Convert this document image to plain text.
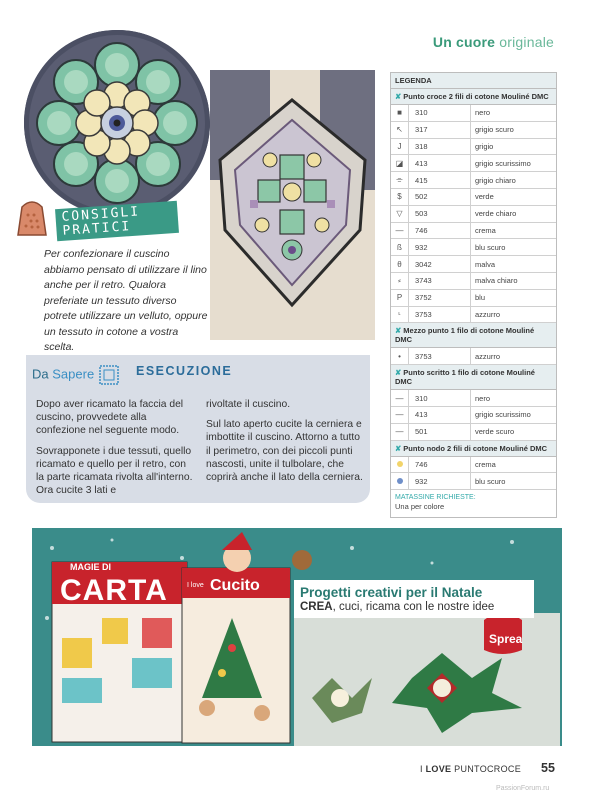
Un cuore originale
CONSIGLI PRATICI
Per confezionare il cuscino abbiamo pensato di utilizzare il lino anche per il retro. Qualora preferiate un tessuto diverso potrete utilizzare un velluto, oppure un tessuto in cotone a vostra scelta.
LEGENDA
✘ Punto croce 2 fili di cotone Mouliné DMC
■	310	nero
↖	317	grigio scuro
J	318	grigio
◪	413	grigio scurissimo
⌯	415	grigio chiaro
$	502	verde
▽	503	verde chiaro
—	746	crema
ß	932	blu scuro
θ	3042	malva
⸗	3743	malva chiaro
P	3752	blu
ᶫ	3753	azzurro
✘ Mezzo punto 1 filo di cotone Mouliné DMC
•	3753	azzurro
✘ Punto scritto 1 filo di cotone Mouliné DMC
—	310	nero
—	413	grigio scurissimo
—	501	verde scuro
✘ Punto nodo 2 fili di cotone Mouliné DMC
746	crema
932	blu scuro
MATASSINE RICHIESTE:
Una per colore
Da Sapere	ESECUZIONE

Dopo aver ricamato la faccia del cuscino, provvedete alla confezione nel seguente modo.

Sovrapponete i due tessuti, quello ricamato e quello per il retro, con la parte ricamata rivolta all'interno. Ora cucite 3 lati e

rivoltate il cuscino.

Sul lato aperto cucite la cerniera e imbottite il cuscino. Attorno a tutto il perimetro, con dei piccoli punti nascosti, unite il tulbolare, che coprirà anche il lato della cerniera.

CARTA
MAGIE DI
Cucito
I love	Progetti creativi per il Natale
CREA, cuci, ricama con le nostre idee
Sprea
I LOVE PUNTOCROCE 55
PassionForum.ru
